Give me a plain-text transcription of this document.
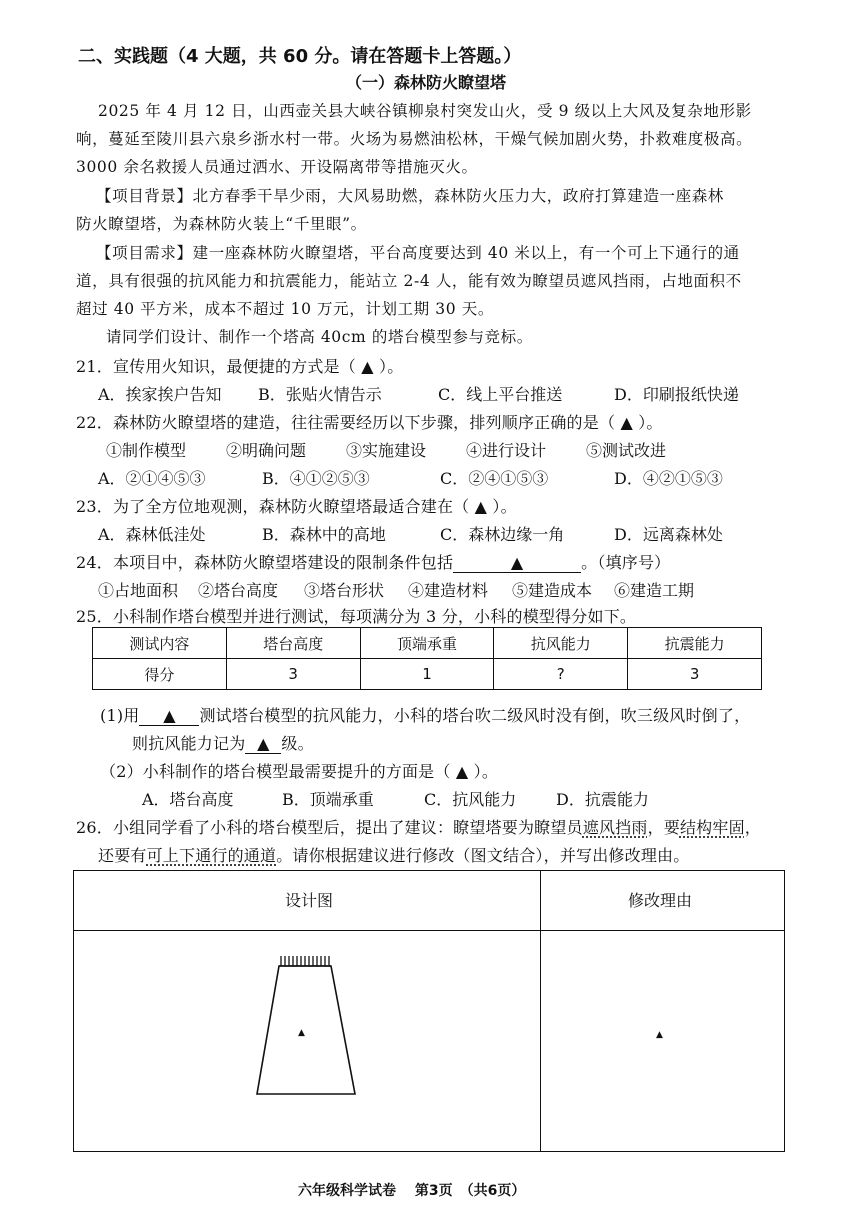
二、实践题（4 大题，共 60 分。请在答题卡上答题。）
（一）森林防火瞭望塔
2025 年 4 月 12 日，山西壶关县大峡谷镇柳泉村突发山火，受 9 级以上大风及复杂地形影
响，蔓延至陵川县六泉乡浙水村一带。火场为易燃油松林，干燥气候加剧火势，扑救难度极高。
3000 余名救援人员通过洒水、开设隔离带等措施灭火。
【项目背景】北方春季干旱少雨，大风易助燃，森林防火压力大，政府打算建造一座森林
防火瞭望塔，为森林防火装上“千里眼”。
【项目需求】建一座森林防火瞭望塔，平台高度要达到 40 米以上，有一个可上下通行的通
道，具有很强的抗风能力和抗震能力，能站立 2-4 人，能有效为瞭望员遮风挡雨，占地面积不
超过 40 平方米，成本不超过 10 万元，计划工期 30 天。
请同学们设计、制作一个塔高 40cm 的塔台模型参与竞标。
21．宣传用火知识，最便捷的方式是（ ▲ ）。
A．挨家挨户告知 B．张贴火情告示	C．线上平台推送	D．印刷报纸快递
22．森林防火瞭望塔的建造，往往需要经历以下步骤，排列顺序正确的是（ ▲ ）。
①制作模型 ②明确问题 ③实施建设 ④进行设计 ⑤测试改进
A．②①④⑤③	B．④①②⑤③	C．②④①⑤③	D．④②①⑤③
23．为了全方位地观测，森林防火瞭望塔最适合建在（ ▲ ）。
A．森林低洼处	B．森林中的高地	C．森林边缘一角	D．远离森林处
24．本项目中，森林防火瞭望塔建设的限制条件包括	▲	。（填序号）
①占地面积 ②塔台高度 ③塔台形状 ④建造材料 ⑤建造成本 ⑥建造工期
25．小科制作塔台模型并进行测试，每项满分为 3 分，小科的模型得分如下。
测试内容	塔台高度	顶端承重	抗风能力	抗震能力
得分	3	1	?	3
(1)用 ▲ 测试塔台模型的抗风能力，小科的塔台吹二级风时没有倒，吹三级风时倒了，
则抗风能力记为 ▲ 级。
（2）小科制作的塔台模型最需要提升的方面是（ ▲ ）。
A．塔台高度	B．顶端承重	C．抗风能力 D．抗震能力
26．小组同学看了小科的塔台模型后，提出了建议：瞭望塔要为瞭望员遮风挡雨，要结构牢固，
还要有可上下通行的通道。请你根据建议进行修改（图文结合），并写出修改理由。
设计图	修改理由
▲	▲
六年级科学试卷　 第3页　（共6页）
